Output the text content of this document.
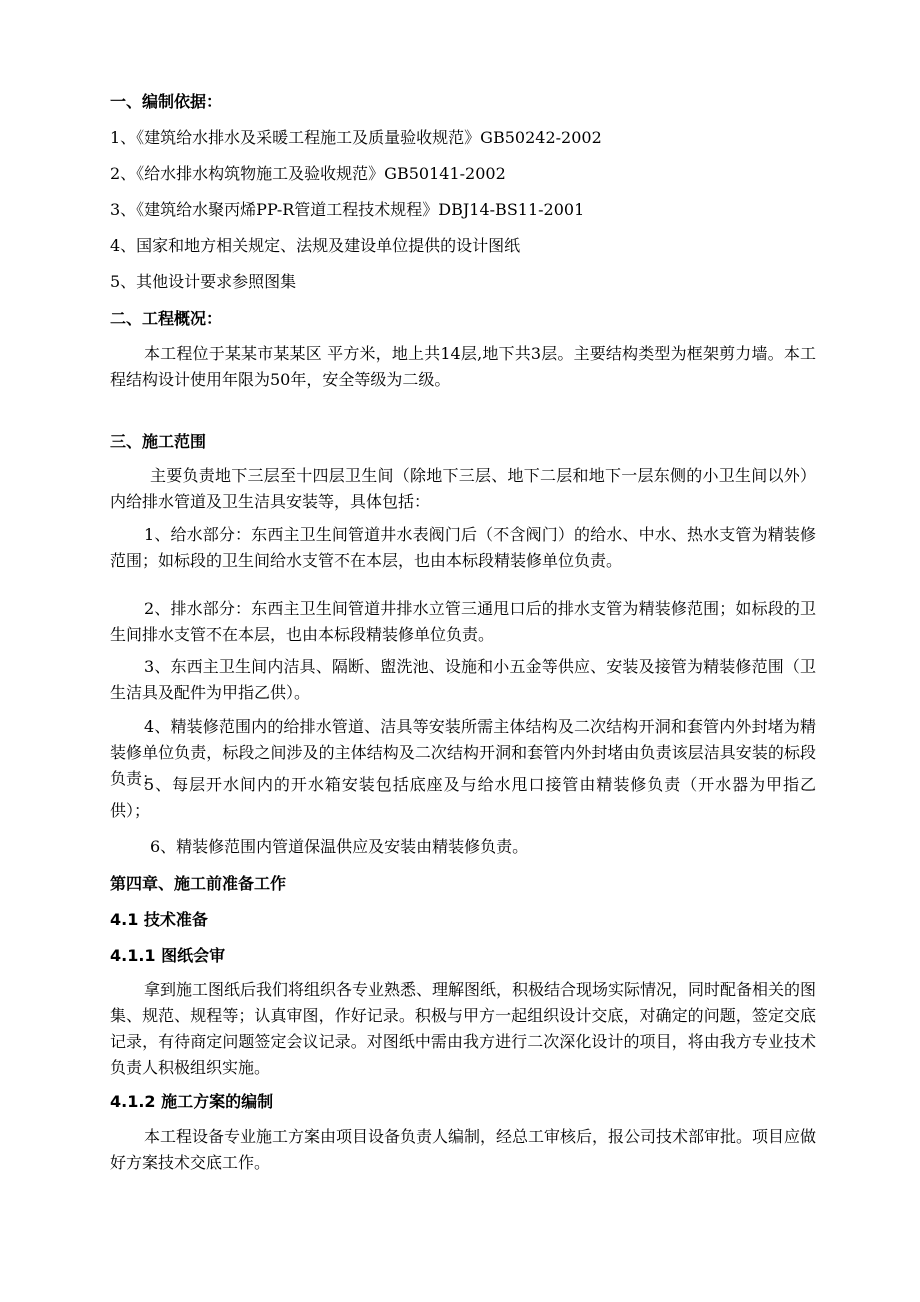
一、编制依据：
1、《建筑给水排水及采暖工程施工及质量验收规范》GB50242-2002
2、《给水排水构筑物施工及验收规范》GB50141-2002
3、《建筑给水聚丙烯PP-R管道工程技术规程》DBJ14-BS11-2001
4、国家和地方相关规定、法规及建设单位提供的设计图纸
5、其他设计要求参照图集
二、工程概况：
本工程位于某某市某某区 平方米，地上共14层,地下共3层。主要结构类型为框架剪力墙。本工程结构设计使用年限为50年，安全等级为二级。
三、施工范围
主要负责地下三层至十四层卫生间（除地下三层、地下二层和地下一层东侧的小卫生间以外）内给排水管道及卫生洁具安装等，具体包括：
1、给水部分：东西主卫生间管道井水表阀门后（不含阀门）的给水、中水、热水支管为精装修范围；如标段的卫生间给水支管不在本层，也由本标段精装修单位负责。
2、排水部分：东西主卫生间管道井排水立管三通甩口后的排水支管为精装修范围；如标段的卫生间排水支管不在本层，也由本标段精装修单位负责。
3、东西主卫生间内洁具、隔断、盥洗池、设施和小五金等供应、安装及接管为精装修范围（卫生洁具及配件为甲指乙供）。
4、精装修范围内的给排水管道、洁具等安装所需主体结构及二次结构开洞和套管内外封堵为精装修单位负责，标段之间涉及的主体结构及二次结构开洞和套管内外封堵由负责该层洁具安装的标段负责；
5、每层开水间内的开水箱安装包括底座及与给水甩口接管由精装修负责（开水器为甲指乙供）；
6、精装修范围内管道保温供应及安装由精装修负责。
第四章、施工前准备工作
4.1 技术准备
4.1.1 图纸会审
拿到施工图纸后我们将组织各专业熟悉、理解图纸，积极结合现场实际情况，同时配备相关的图集、规范、规程等；认真审图，作好记录。积极与甲方一起组织设计交底，对确定的问题，签定交底记录，有待商定问题签定会议记录。对图纸中需由我方进行二次深化设计的项目，将由我方专业技术负责人积极组织实施。
4.1.2 施工方案的编制
本工程设备专业施工方案由项目设备负责人编制，经总工审核后，报公司技术部审批。项目应做好方案技术交底工作。
